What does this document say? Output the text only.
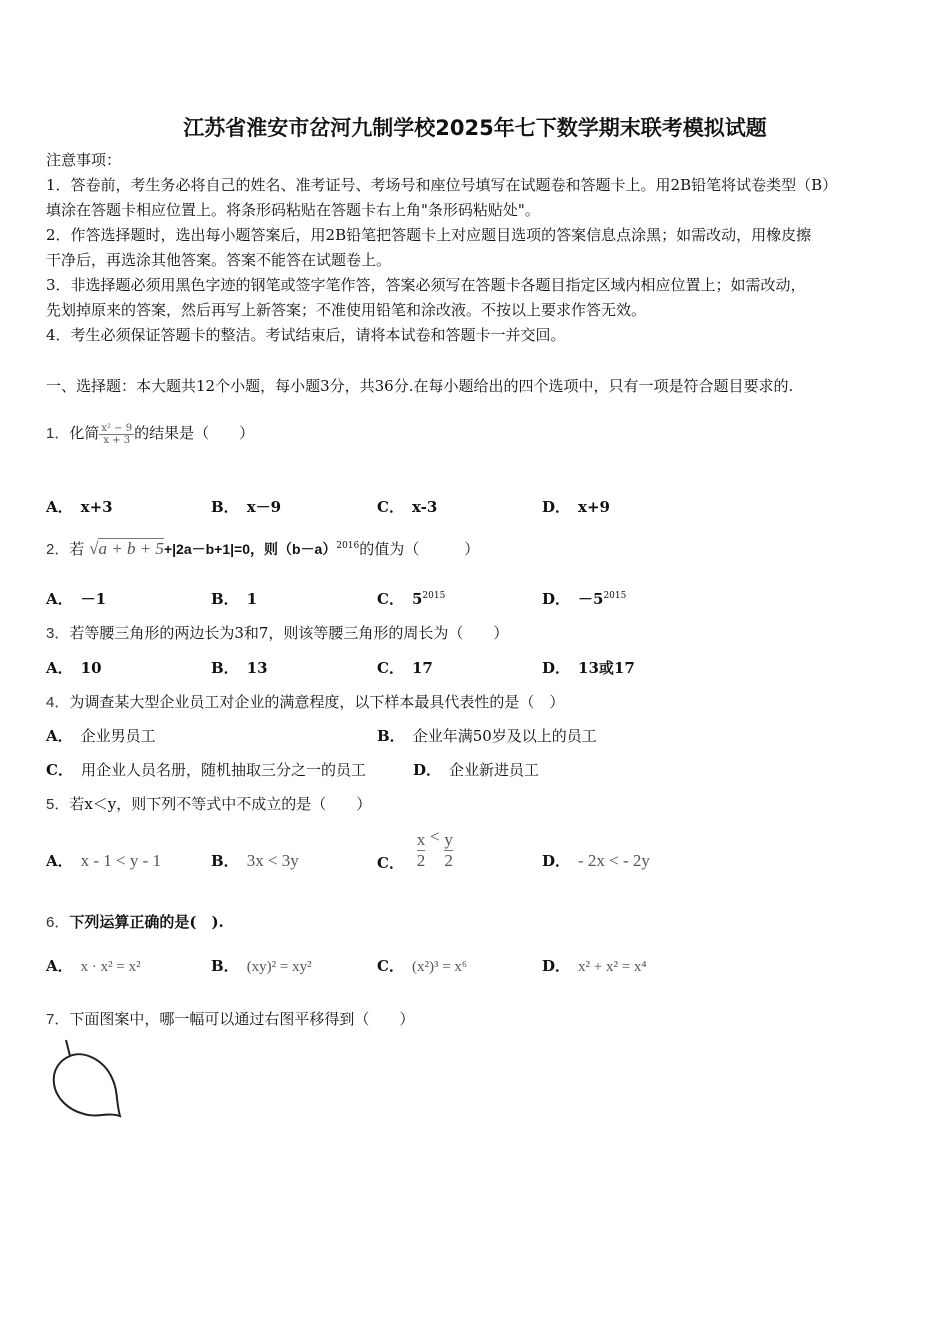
江苏省淮安市岔河九制学校2025年七下数学期末联考模拟试题
注意事项：
1．答卷前，考生务必将自己的姓名、准考证号、考场号和座位号填写在试题卷和答题卡上。用2B铅笔将试卷类型（B）
填涂在答题卡相应位置上。将条形码粘贴在答题卡右上角"条形码粘贴处"。
2．作答选择题时，选出每小题答案后，用2B铅笔把答题卡上对应题目选项的答案信息点涂黑；如需改动，用橡皮擦
干净后，再选涂其他答案。答案不能答在试题卷上。
3．非选择题必须用黑色字迹的钢笔或签字笔作答，答案必须写在答题卡各题目指定区域内相应位置上；如需改动，
先划掉原来的答案，然后再写上新答案；不准使用铅笔和涂改液。不按以上要求作答无效。
4．考生必须保证答题卡的整洁。考试结束后，请将本试卷和答题卡一并交回。
一、选择题：本大题共12个小题，每小题3分，共36分.在每小题给出的四个选项中，只有一项是符合题目要求的.
1．化简 $\frac{\text{x² − 9}}{x + 3}$ 的结果是（　　）
A． x+3	B． x－9	C． x-3	D． x+9
2．若 √a + b + 5+|2a－b+1|=0，则$(b-a)^{2016}$的值为（　　　）
A． －1	B． 1	C． $5^{2015}$	D． $-5^{2015}$
3．若等腰三角形的两边长为3和7，则该等腰三角形的周长为（　　）
A． 10	B． 13	C． 17	D． 13或17
4．为调查某大型企业员工对企业的满意程度，以下样本最具代表性的是（　）
A． 企业男员工	B． 企业年满50岁及以上的员工
C． 用企业人员名册，随机抽取三分之一的员工	D． 企业新进员工
5．若x＜y，则下列不等式中不成立的是（　　）
A． x - 1 < y - 1	B． 3x < 3y	C． $\frac{x}{2} < \frac{y}{2}$	D． - 2x < - 2y
6．下列运算正确的是(　).
A． x · x² = x²	B． (xy)² = xy²	C． (x²)³ = x⁶	D． x² + x² = x⁴
7．下面图案中，哪一幅可以通过右图平移得到（　　）
